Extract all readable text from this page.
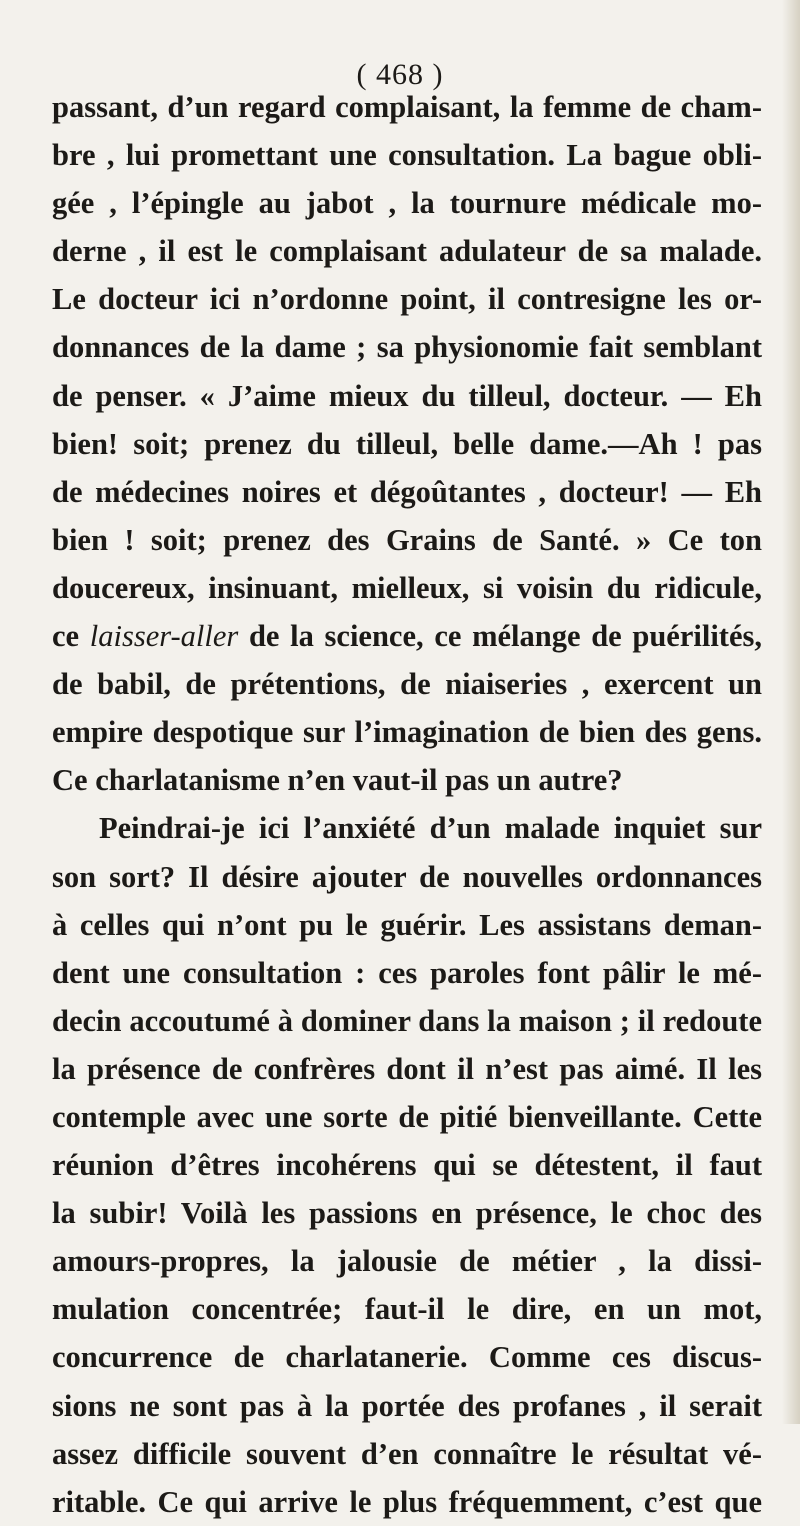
( 468 )
passant, d’un regard complaisant, la femme de cham-
bre , lui promettant une consultation. La bague obli-
gée , l’épingle au jabot , la tournure médicale mo-
derne , il est le complaisant adulateur de sa malade.
Le docteur ici n’ordonne point, il contresigne les or-
donnances de la dame ; sa physionomie fait semblant
de penser. « J’aime mieux du tilleul, docteur. — Eh
bien! soit; prenez du tilleul, belle dame.—Ah ! pas
de médecines noires et dégoûtantes , docteur! — Eh
bien ! soit; prenez des Grains de Santé. » Ce ton
doucereux, insinuant, mielleux, si voisin du ridicule,
ce laisser-aller de la science, ce mélange de puérilités,
de babil, de prétentions, de niaiseries , exercent un
empire despotique sur l’imagination de bien des gens.
Ce charlatanisme n’en vaut-il pas un autre?
Peindrai-je ici l’anxiété d’un malade inquiet sur
son sort? Il désire ajouter de nouvelles ordonnances
à celles qui n’ont pu le guérir. Les assistans deman-
dent une consultation : ces paroles font pâlir le mé-
decin accoutumé à dominer dans la maison ; il redoute
la présence de confrères dont il n’est pas aimé. Il les
contemple avec une sorte de pitié bienveillante. Cette
réunion d’êtres incohérens qui se détestent, il faut
la subir! Voilà les passions en présence, le choc des
amours-propres, la jalousie de métier , la dissi-
mulation concentrée; faut-il le dire, en un mot,
concurrence de charlatanerie. Comme ces discus-
sions ne sont pas à la portée des profanes , il serait
assez difficile souvent d’en connaître le résultat vé-
ritable. Ce qui arrive le plus fréquemment, c’est que
